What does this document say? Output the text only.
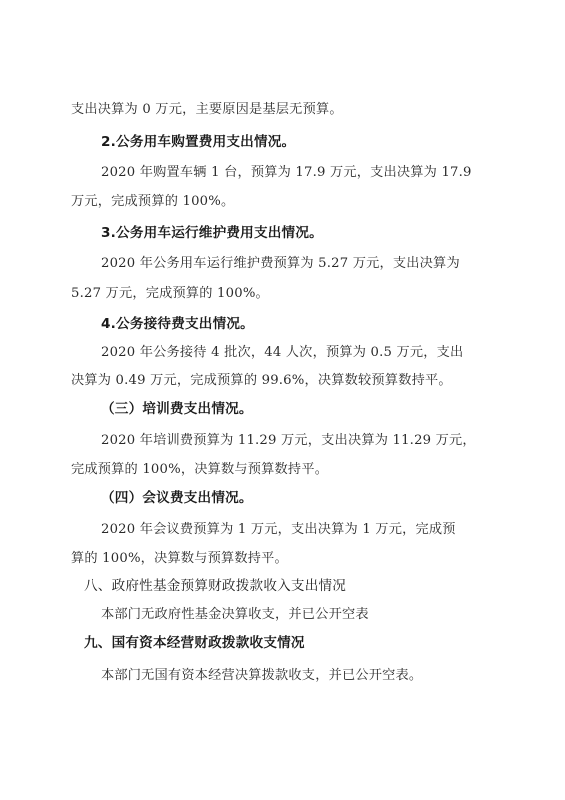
支出决算为 0 万元，主要原因是基层无预算。
2.公务用车购置费用支出情况。
2020 年购置车辆 1 台，预算为 17.9 万元，支出决算为 17.9
万元，完成预算的 100%。
3.公务用车运行维护费用支出情况。
2020 年公务用车运行维护费预算为 5.27 万元，支出决算为
5.27 万元，完成预算的 100%。
4.公务接待费支出情况。
2020 年公务接待 4 批次，44 人次，预算为 0.5 万元，支出
决算为 0.49 万元，完成预算的 99.6%，决算数较预算数持平。
（三）培训费支出情况。
2020 年培训费预算为 11.29 万元，支出决算为 11.29 万元，
完成预算的 100%，决算数与预算数持平。
（四）会议费支出情况。
2020 年会议费预算为 1 万元，支出决算为 1 万元，完成预
算的 100%，决算数与预算数持平。
八、政府性基金预算财政拨款收入支出情况
本部门无政府性基金决算收支，并已公开空表
九、国有资本经营财政拨款收支情况
本部门无国有资本经营决算拨款收支，并已公开空表。
